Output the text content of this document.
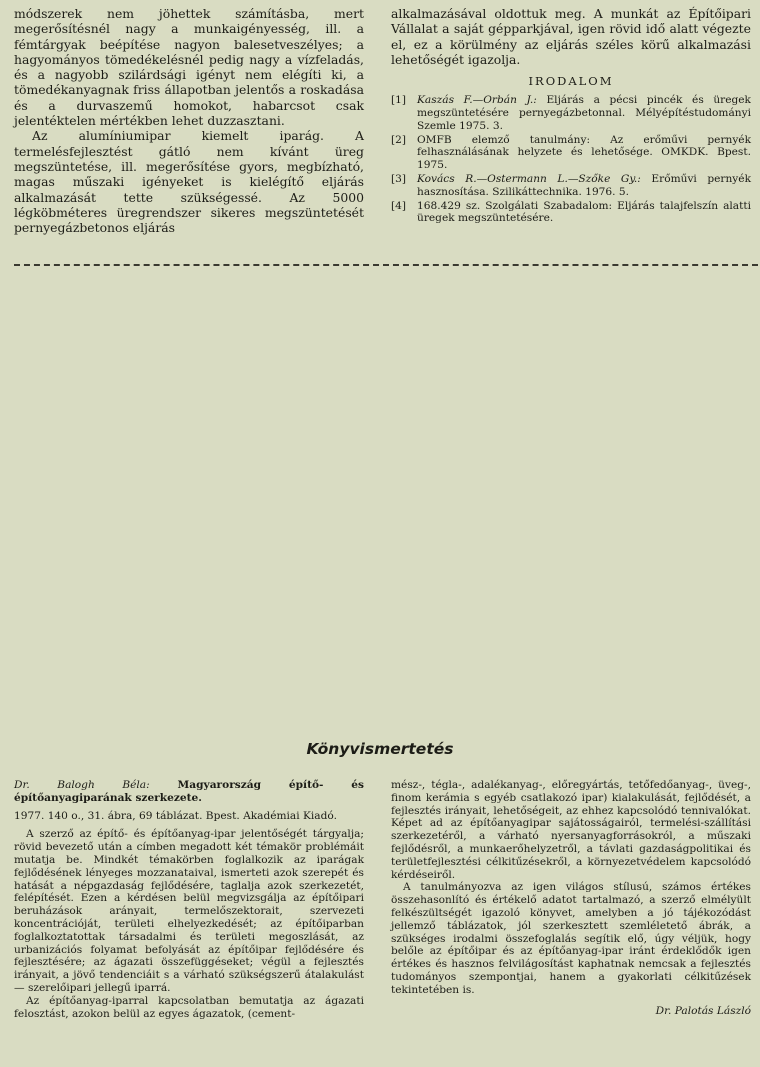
módszerek nem jöhettek számításba, mert megerősítésnél nagy a munkaigényesség, ill. a fémtárgyak beépítése nagyon balesetveszélyes; a hagyományos tömedékelésnél pedig nagy a vízfeladás, és a nagyobb szilárdsági igényt nem elégíti ki, a tömedékanyagnak friss állapotban jelentős a roskadása és a durvaszemű homokot, habarcsot csak jelentéktelen mértékben lehet duzzasztani.

Az alumíniumipar kiemelt iparág. A termelésfejlesztést gátló nem kívánt üreg megszüntetése, ill. megerősítése gyors, megbízható, magas műszaki igényeket is kielégítő eljárás alkalmazását tette szükségessé. Az 5000 légköbméteres üregrendszer sikeres megszüntetését pernyegázbetonos eljárás

alkalmazásával oldottuk meg. A munkát az Építőipari Vállalat a saját gépparkjával, igen rövid idő alatt végezte el, ez a körülmény az eljárás széles körű alkalmazási lehetőségét igazolja.

IRODALOM
[1]	Kaszás F.—Orbán J.: Eljárás a pécsi pincék és üregek megszüntetésére pernyegázbetonnal. Mélyépítéstudományi Szemle 1975. 3.
[2]	OMFB elemző tanulmány: Az erőművi pernyék felhasználásának helyzete és lehetősége. OMKDK. Bpest. 1975.
[3]	Kovács R.—Ostermann L.—Szőke Gy.: Erőművi pernyék hasznosítása. Szilikáttechnika. 1976. 5.
[4]	168.429 sz. Szolgálati Szabadalom: Eljárás talajfelszín alatti üregek megszüntetésére.
Könyvismertetés

Dr. Balogh Béla: Magyarország építő- és építőanyagiparának szerkezete.

1977. 140 o., 31. ábra, 69 táblázat. Bpest. Akadémiai Kiadó.

A szerző az építő- és építőanyag-ipar jelentőségét tárgyalja; rövid bevezető után a címben megadott két témakör problémáit mutatja be. Mindkét témakörben foglalkozik az iparágak fejlődésének lényeges mozzanataival, ismerteti azok szerepét és hatását a népgazdaság fejlődésére, taglalja azok szerkezetét, felépítését. Ezen a kérdésen belül megvizsgálja az építőipari beruházások arányait, termelőszektorait, szervezeti koncentrációját, területi elhelyezkedését; az építőiparban foglalkoztatottak társadalmi és területi megoszlását, az urbanizációs folyamat befolyását az építőipar fejlődésére és fejlesztésére; az ágazati összefüggéseket; végül a fejlesztés irányait, a jövő tendenciáit s a várható szükségszerű átalakulást — szerelőipari jellegű iparrá.

Az építőanyag-iparral kapcsolatban bemutatja az ágazati felosztást, azokon belül az egyes ágazatok, (cement-

mész-, tégla-, adalékanyag-, előregyártás, tetőfedőanyag-, üveg-, finom kerámia s egyéb csatlakozó ipar) kialakulását, fejlődését, a fejlesztés irányait, lehetőségeit, az ehhez kapcsolódó tennivalókat. Képet ad az építőanyagipar sajátosságairól, termelési-szállítási szerkezetéről, a várható nyersanyagforrásokról, a műszaki fejlődésről, a munkaerőhelyzetről, a távlati gazdaságpolitikai és területfejlesztési célkitűzésekről, a környezetvédelem kapcsolódó kérdéseiről.

A tanulmányozva az igen világos stílusú, számos értékes összehasonlító és értékelő adatot tartalmazó, a szerző elmélyült felkészültségét igazoló könyvet, amelyben a jó tájékozódást jellemző táblázatok, jól szerkesztett szemléletető ábrák, a szükséges irodalmi összefoglalás segítik elő, úgy véljük, hogy belőle az építőipar és az építőanyag-ipar iránt érdeklődők igen értékes és hasznos felvilágosítást kaphatnak nemcsak a fejlesztés tudományos szempontjai, hanem a gyakorlati célkitűzések tekintetében is.

Dr. Palotás László
